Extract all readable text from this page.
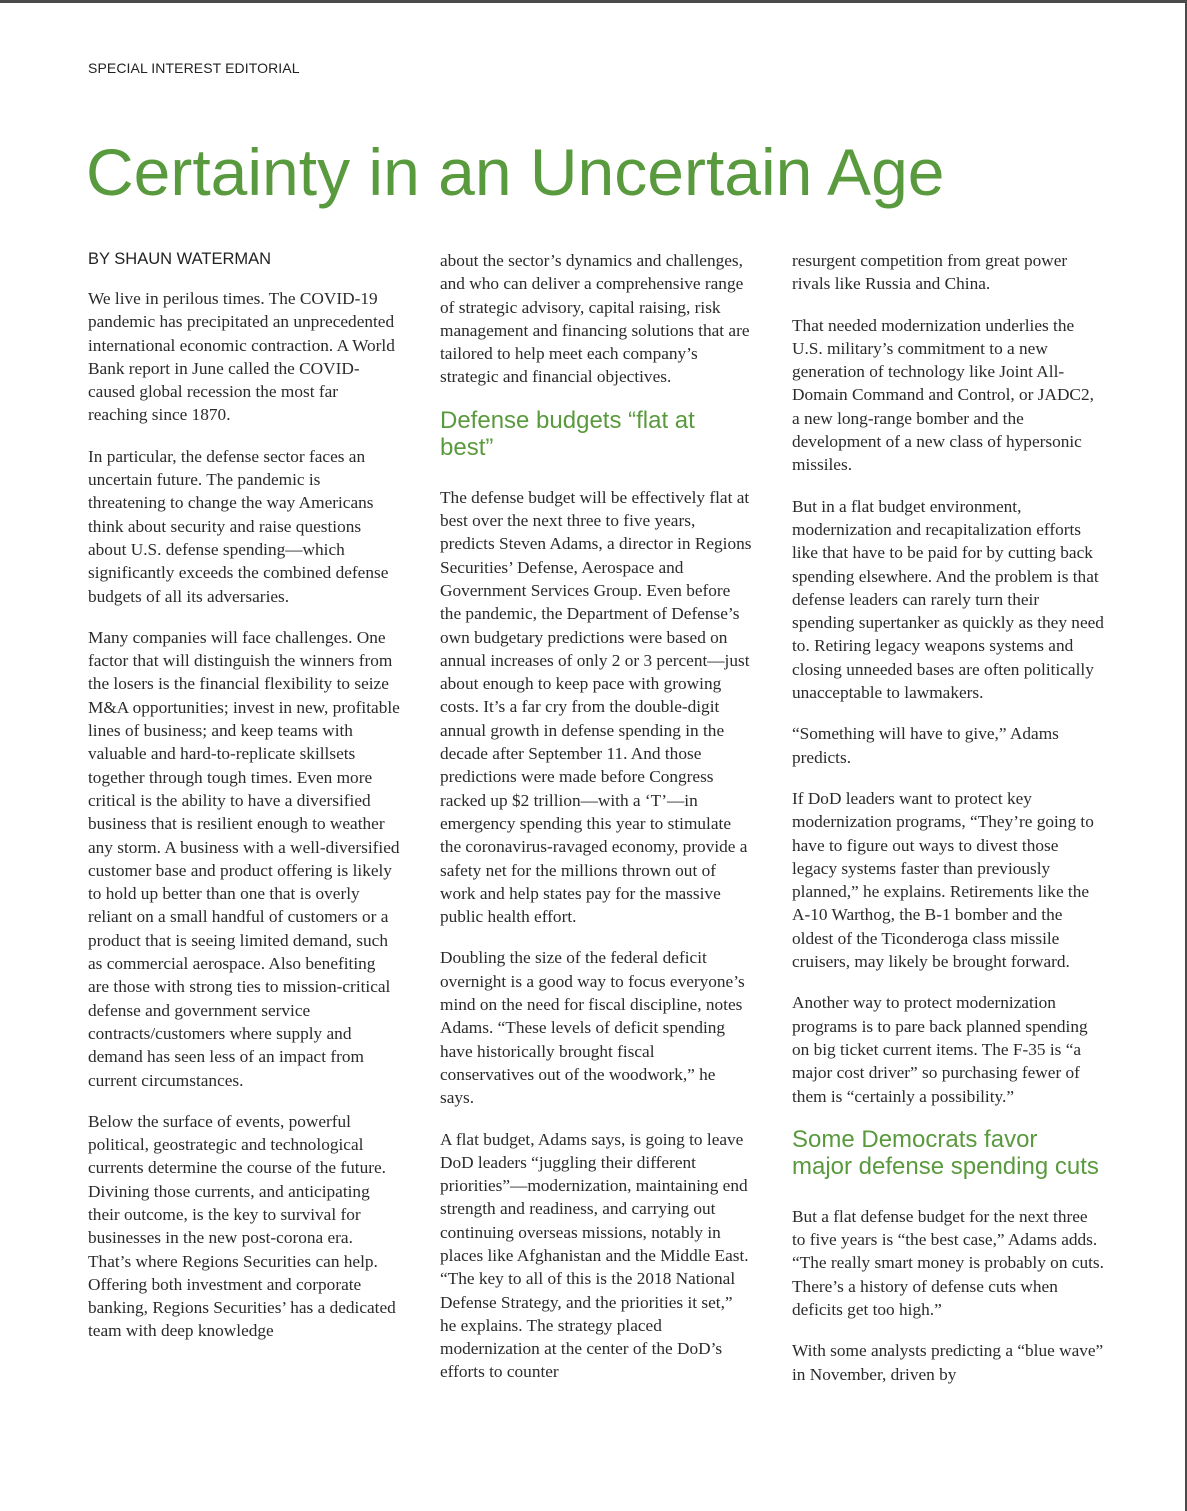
SPECIAL INTEREST EDITORIAL
Certainty in an Uncertain Age
BY SHAUN WATERMAN

We live in perilous times. The COVID-19 pandemic has precipitated an unprecedented international economic contraction. A World Bank report in June called the COVID-caused global recession the most far reaching since 1870.

In particular, the defense sector faces an uncertain future. The pandemic is threatening to change the way Americans think about security and raise questions about U.S. defense spending—which significantly exceeds the combined defense budgets of all its adversaries.

Many companies will face challenges. One factor that will distinguish the winners from the losers is the financial flexibility to seize M&A opportunities; invest in new, profitable lines of business; and keep teams with valuable and hard-to-replicate skillsets together through tough times. Even more critical is the ability to have a diversified business that is resilient enough to weather any storm. A business with a well-diversified customer base and product offering is likely to hold up better than one that is overly reliant on a small handful of customers or a product that is seeing limited demand, such as commercial aerospace. Also benefiting are those with strong ties to mission-critical defense and government service contracts/customers where supply and demand has seen less of an impact from current circumstances.

Below the surface of events, powerful political, geostrategic and technological currents determine the course of the future. Divining those currents, and anticipating their outcome, is the key to survival for businesses in the new post-corona era. That’s where Regions Securities can help. Offering both investment and corporate banking, Regions Securities’ has a dedicated team with deep knowledge

about the sector’s dynamics and challenges, and who can deliver a comprehensive range of strategic advisory, capital raising, risk management and financing solutions that are tailored to help meet each company’s strategic and financial objectives.

Defense budgets “flat at best”

The defense budget will be effectively flat at best over the next three to five years, predicts Steven Adams, a director in Regions Securities’ Defense, Aerospace and Government Services Group. Even before the pandemic, the Department of Defense’s own budgetary predictions were based on annual increases of only 2 or 3 percent—just about enough to keep pace with growing costs. It’s a far cry from the double-digit annual growth in defense spending in the decade after September 11. And those predictions were made before Congress racked up $2 trillion—with a ‘T’—in emergency spending this year to stimulate the coronavirus-ravaged economy, provide a safety net for the millions thrown out of work and help states pay for the massive public health effort.

Doubling the size of the federal deficit overnight is a good way to focus everyone’s mind on the need for fiscal discipline, notes Adams. “These levels of deficit spending have historically brought fiscal conservatives out of the woodwork,” he says.

A flat budget, Adams says, is going to leave DoD leaders “juggling their different priorities”—modernization, maintaining end strength and readiness, and carrying out continuing overseas missions, notably in places like Afghanistan and the Middle East. “The key to all of this is the 2018 National Defense Strategy, and the priorities it set,” he explains. The strategy placed modernization at the center of the DoD’s efforts to counter

resurgent competition from great power rivals like Russia and China.

That needed modernization underlies the U.S. military’s commitment to a new generation of technology like Joint All-Domain Command and Control, or JADC2, a new long-range bomber and the development of a new class of hypersonic missiles.

But in a flat budget environment, modernization and recapitalization efforts like that have to be paid for by cutting back spending elsewhere. And the problem is that defense leaders can rarely turn their spending supertanker as quickly as they need to. Retiring legacy weapons systems and closing unneeded bases are often politically unacceptable to lawmakers.

“Something will have to give,” Adams predicts.

If DoD leaders want to protect key modernization programs, “They’re going to have to figure out ways to divest those legacy systems faster than previously planned,” he explains. Retirements like the A-10 Warthog, the B-1 bomber and the oldest of the Ticonderoga class missile cruisers, may likely be brought forward.

Another way to protect modernization programs is to pare back planned spending on big ticket current items. The F-35 is “a major cost driver” so purchasing fewer of them is “certainly a possibility.”

Some Democrats favor major defense spending cuts

But a flat defense budget for the next three to five years is “the best case,” Adams adds. “The really smart money is probably on cuts. There’s a history of defense cuts when deficits get too high.”

With some analysts predicting a “blue wave” in November, driven by
